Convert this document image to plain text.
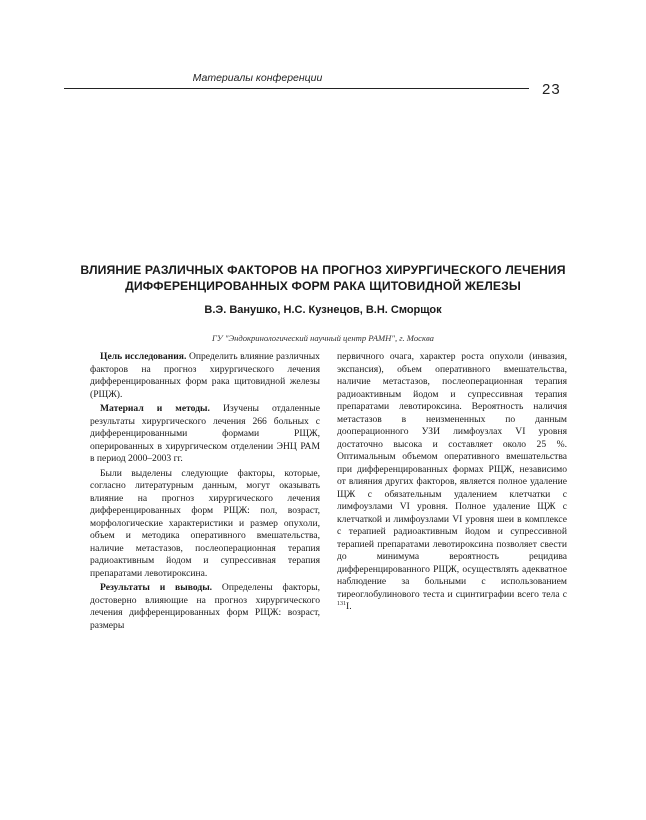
Материалы конференции
23
ВЛИЯНИЕ РАЗЛИЧНЫХ ФАКТОРОВ НА ПРОГНОЗ ХИРУРГИЧЕСКОГО ЛЕЧЕНИЯ
ДИФФЕРЕНЦИРОВАННЫХ ФОРМ РАКА ЩИТОВИДНОЙ ЖЕЛЕЗЫ
В.Э. Ванушко, Н.С. Кузнецов, В.Н. Сморщок
ГУ "Эндокринологический научный центр РАМН", г. Москва

Цель исследования. Определить влияние различных факторов на прогноз хирургического лечения дифференцированных форм рака щитовидной железы (РЩЖ).

Материал и методы. Изучены отдаленные результаты хирургического лечения 266 больных с дифференцированными формами РЩЖ, оперированных в хирургическом отделении ЭНЦ РАМ в период 2000–2003 гг.

Были выделены следующие факторы, которые, согласно литературным данным, могут оказывать влияние на прогноз хирургического лечения дифференцированных форм РЩЖ: пол, возраст, морфологические характеристики и размер опухоли, объем и методика оперативного вмешательства, наличие метастазов, послеоперационная терапия радиоактивным йодом и супрессивная терапия препаратами левотироксина.

Результаты и выводы. Определены факторы, достоверно влияющие на прогноз хирургического лечения дифференцированных форм РЩЖ: возраст, размеры

первичного очага, характер роста опухоли (инвазия, экспансия), объем оперативного вмешательства, наличие метастазов, послеоперационная терапия радиоактивным йодом и супрессивная терапия препаратами левотироксина. Вероятность наличия метастазов в неизмененных по данным дооперационного УЗИ лимфоузлах VI уровня достаточно высока и составляет около 25 %. Оптимальным объемом оперативного вмешательства при дифференцированных формах РЩЖ, независимо от влияния других факторов, является полное удаление ЩЖ с обязательным удалением клетчатки с лимфоузлами VI уровня. Полное удаление ЩЖ с клетчаткой и лимфоузлами VI уровня шеи в комплексе с терапией радиоактивным йодом и супрессивной терапией препаратами левотироксина позволяет свести до минимума вероятность рецидива дифференцированного РЩЖ, осуществлять адекватное наблюдение за больными с использованием тиреоглобулинового теста и сцинтиграфии всего тела с $^{131}$I.
